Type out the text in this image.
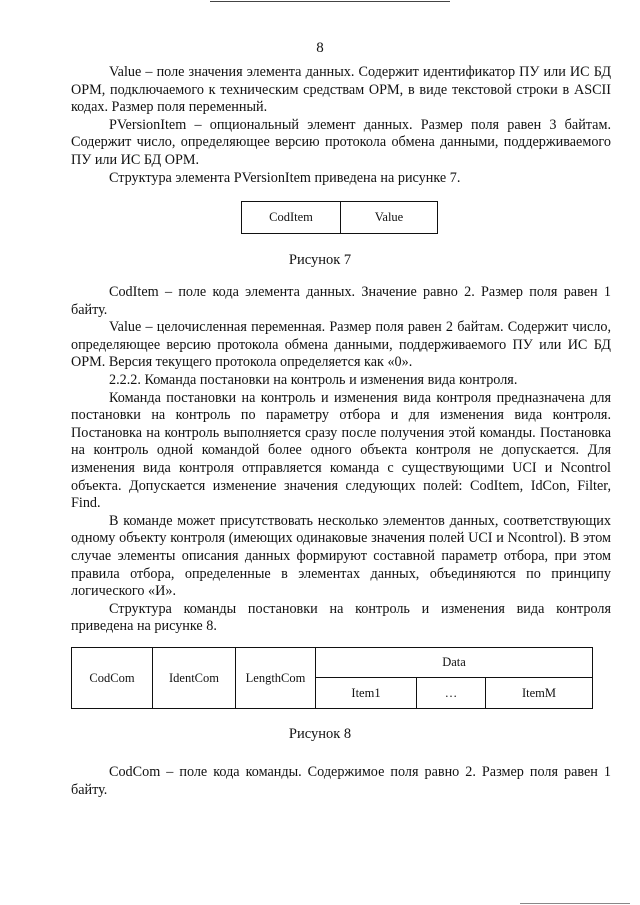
8

Value – поле значения элемента данных. Содержит идентификатор ПУ или ИС БД ОРМ, подключаемого к техническим средствам ОРМ, в виде текстовой строки в ASCII кодах. Размер поля переменный.

PVersionItem – опциональный элемент данных. Размер поля равен 3 байтам. Содержит число, определяющее версию протокола обмена данными, поддерживаемого ПУ или ИС БД ОРМ.

Структура элемента PVersionItem приведена на рисунке 7.

CodItem	Value
Рисунок 7

CodItem – поле кода элемента данных. Значение равно 2. Размер поля равен 1 байту.

Value – целочисленная переменная. Размер поля равен 2 байтам. Содержит число, определяющее версию протокола обмена данными, поддерживаемого ПУ или ИС БД ОРМ. Версия текущего протокола определяется как «0».

2.2.2. Команда постановки на контроль и изменения вида контроля.

Команда постановки на контроль и изменения вида контроля предназначена для постановки на контроль по параметру отбора и для изменения вида контроля. Постановка на контроль выполняется сразу после получения этой команды. Постановка на контроль одной командой более одного объекта контроля не допускается. Для изменения вида контроля отправляется команда с существующими UCI и Ncontrol объекта. Допускается изменение значения следующих полей: CodItem, IdCon, Filter, Find.

В команде может присутствовать несколько элементов данных, соответствующих одному объекту контроля (имеющих одинаковые значения полей UCI и Ncontrol). В этом случае элементы описания данных формируют составной параметр отбора, при этом правила отбора, определенные в элементах данных, объединяются по принципу логического «И».

Структура команды постановки на контроль и изменения вида контроля приведена на рисунке 8.

CodCom	IdentCom	LengthCom	Data		
			Item1	…	ItemM
Рисунок 8

CodCom – поле кода команды. Содержимое поля равно 2. Размер поля равен 1 байту.
